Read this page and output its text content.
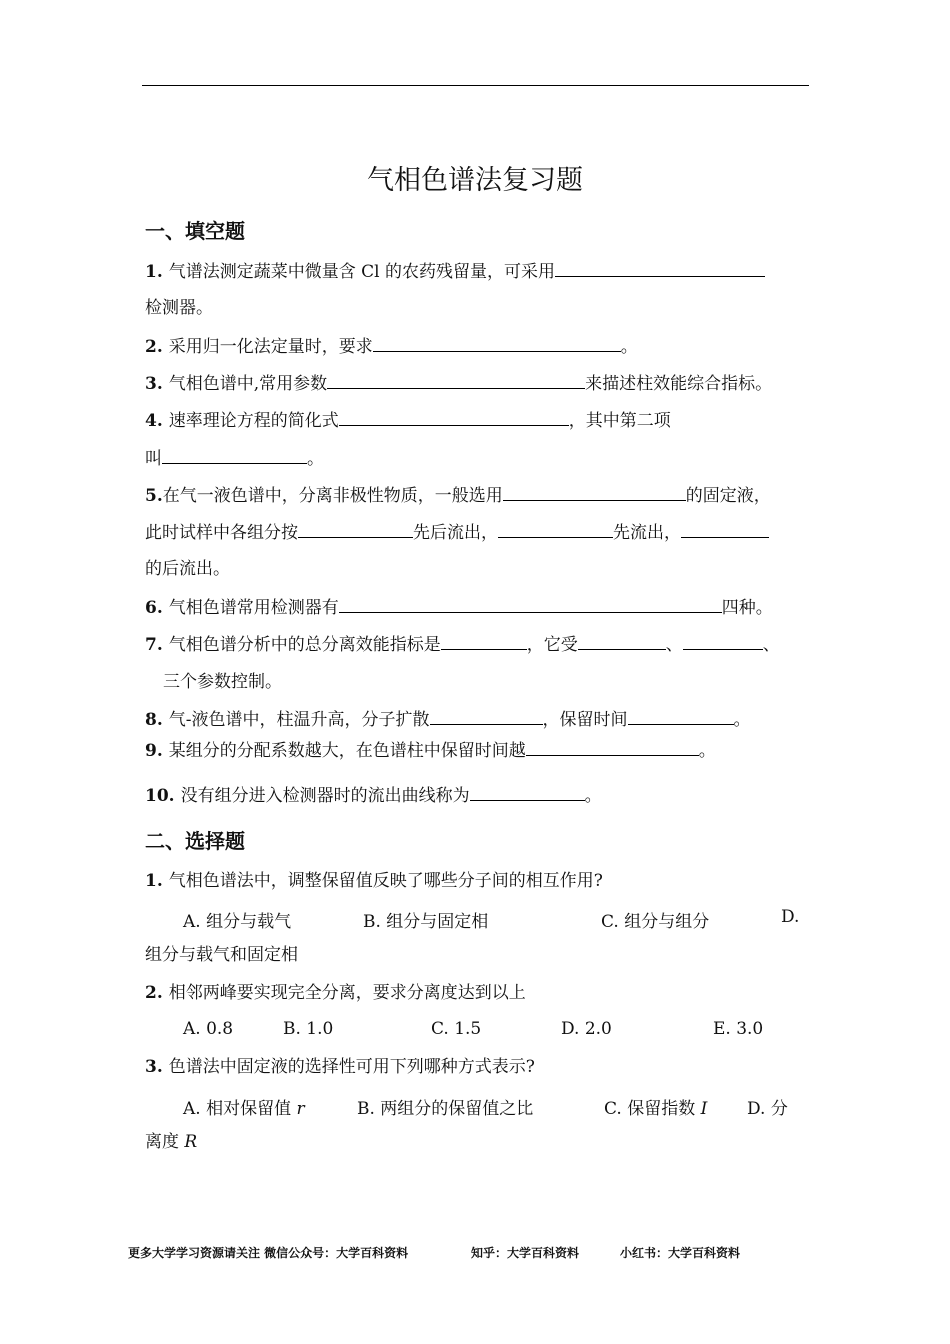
气相色谱法复习题
一、填空题
1. 气谱法测定蔬菜中微量含 Cl 的农药残留量，可采用
检测器。
2. 采用归一化法定量时，要求	。
3. 气相色谱中,常用参数	来描述柱效能综合指标。
4. 速率理论方程的简化式	，其中第二项
叫	。
5.在气一液色谱中，分离非极性物质，一般选用	的固定液，
此时试样中各组分按	先后流出，	先流出，
的后流出。
6. 气相色谱常用检测器有	四种。
7. 气相色谱分析中的总分离效能指标是	，它受	、	、
三个参数控制。
8. 气-液色谱中，柱温升高，分子扩散	，保留时间	。
9. 某组分的分配系数越大，在色谱柱中保留时间越	。
10. 没有组分进入检测器时的流出曲线称为	。
二、选择题
1. 气相色谱法中，调整保留值反映了哪些分子间的相互作用?
A. 组分与载气	B. 组分与固定相	C. 组分与组分	D.
组分与载气和固定相
2. 相邻两峰要实现完全分离，要求分离度达到以上
A. 0.8	B. 1.0	C. 1.5	D. 2.0	E. 3.0
3. 色谱法中固定液的选择性可用下列哪种方式表示?
A. 相对保留值 r	B. 两组分的保留值之比	C. 保留指数 I D. 分
离度 R
更多大学学习资源请关注 微信公众号：大学百科资料	知乎：大学百科资料	小红书：大学百科资料
